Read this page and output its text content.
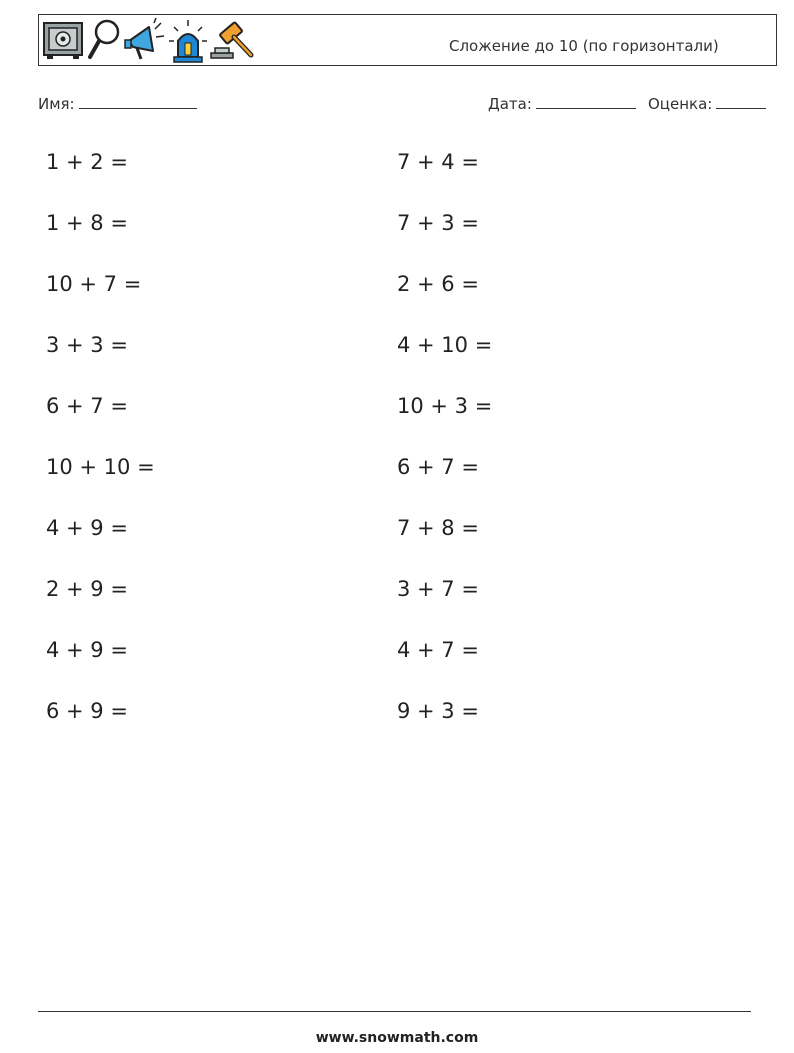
Сложение до 10 (по горизонтали)
Имя:	Дата:	Оценка:
1 + 2 =
1 + 8 =
10 + 7 =
3 + 3 =
6 + 7 =
10 + 10 =
4 + 9 =
2 + 9 =
4 + 9 =
6 + 9 =
7 + 4 =
7 + 3 =
2 + 6 =
4 + 10 =
10 + 3 =
6 + 7 =
7 + 8 =
3 + 7 =
4 + 7 =
9 + 3 =
www.snowmath.com
